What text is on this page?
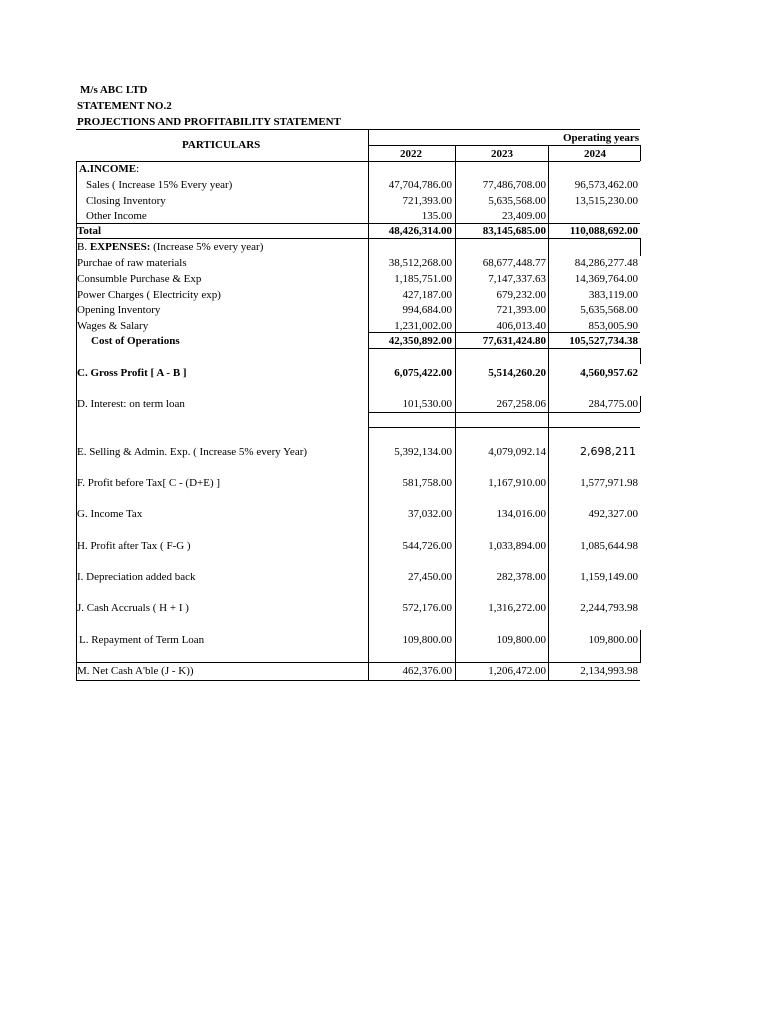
M/s ABC LTD
STATEMENT NO.2
PROJECTIONS AND PROFITABILITY STATEMENT
PARTICULARS
Operating years
2022	2023	2024
A.INCOME:
Sales ( Increase 15% Every year)	47,704,786.00	77,486,708.00	96,573,462.00
Closing Inventory	721,393.00	5,635,568.00	13,515,230.00
Other Income	135.00	23,409.00
Total	48,426,314.00	83,145,685.00	110,088,692.00
B. EXPENSES: (Increase 5% every year)
Purchae of raw materials	38,512,268.00	68,677,448.77	84,286,277.48
Consumble Purchase & Exp	1,185,751.00	7,147,337.63	14,369,764.00
Power Charges ( Electricity exp)	427,187.00	679,232.00	383,119.00
Opening Inventory	994,684.00	721,393.00	5,635,568.00
Wages & Salary	1,231,002.00	406,013.40	853,005.90
Cost of Operations	42,350,892.00	77,631,424.80	105,527,734.38
C. Gross Profit [ A - B ]	6,075,422.00	5,514,260.20	4,560,957.62
D. Interest: on term loan	101,530.00	267,258.06	284,775.00
E. Selling & Admin. Exp. ( Increase 5% every Year)	5,392,134.00	4,079,092.14	2,698,211
F. Profit before Tax[ C - (D+E) ]	581,758.00	1,167,910.00	1,577,971.98
G. Income Tax	37,032.00	134,016.00	492,327.00
H. Profit after Tax ( F-G )	544,726.00	1,033,894.00	1,085,644.98
I. Depreciation added back	27,450.00	282,378.00	1,159,149.00
J. Cash Accruals ( H + I )	572,176.00	1,316,272.00	2,244,793.98
L. Repayment of Term Loan	109,800.00	109,800.00	109,800.00
M. Net Cash A'ble (J - K))	462,376.00	1,206,472.00	2,134,993.98
